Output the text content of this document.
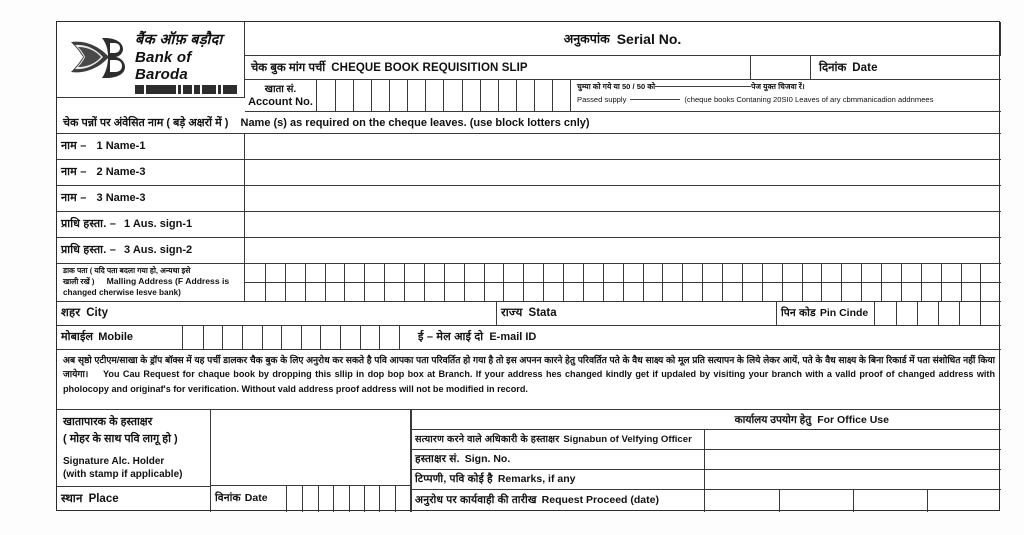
बैंक ऑफ़ बड़ौदा
Bank of Baroda
अनुकपांक Serial No.
चेक बुक मांग पर्ची CHEQUE BOOK REQUISITION SLIP	दिनांक Date
खाता सं.
Account No.
चुम्या को गये या 50 / 50 को	पेज युक्त चिजवा रें।
Passed supply	(cheque books Contaning 20SI0 Leaves of ary cbmmanicadion addnmees
चेक पन्नों पर अंवेसित नाम ( बड़े अक्षरों में ) Name (s) as required on the cheque leaves. (use block lotters cnly)
नाम – 1 Name-1
नाम – 2 Name-3
नाम – 3 Name-3
प्राधि हस्ता. – 1 Aus. sign-1
प्राधि हस्ता. – 3 Aus. sign-2
डाक पता ( यदि पता बदला गया हो, अन्यथा इसे
खाली रखें ) Malling Address (F Address is
changed cherwise lesve bank)
शहर City	राज्य Stata	पिन कोड Pin Cinde
मोबाईल Mobile	ई – मेल आई दो E-mail ID
अब सृष्ठो एटीएम/साखा के ड्रॉप बॉक्स में यह पर्ची डालकर चैक बुक के लिए अनुरोध कर सकते है पवि आपका पता परिवर्तित हो गया है तो इस अपनन कारने हेतु परिवर्तित पते के वैध साक्ष्य को मूल प्रति सत्यापन के लिये लेकर आयें, पते के वैध साक्ष्य के बिना रिकार्ड में पता संशोधित नहीं किया जायेगा। You Cau Request for chaque book by dropping this sllip in dop bop box at Branch. If your address hes changed kindly get if updaled by visiting your branch with a valld proof of changed address with pholocopy and originaf's for verification. Without vald address proof address will not be modified in record.
खातापारक के हस्ताक्षर
( मोहर के साथ पवि लागू हो )
Signature Alc. Holder
(with stamp if applicable)
स्थान Place	विनांक Date
कार्यालय उपयोग हेतु For Office Use
सत्यारण करने वाले अधिकारी के हस्ताक्षर Signabun of Velfying Officer
हस्ताक्षर सं. Sign. No.
टिप्पणी, पवि कोई है Remarks, if any
अनुरोध पर कार्यवाही की तारीख Request Proceed (date)
